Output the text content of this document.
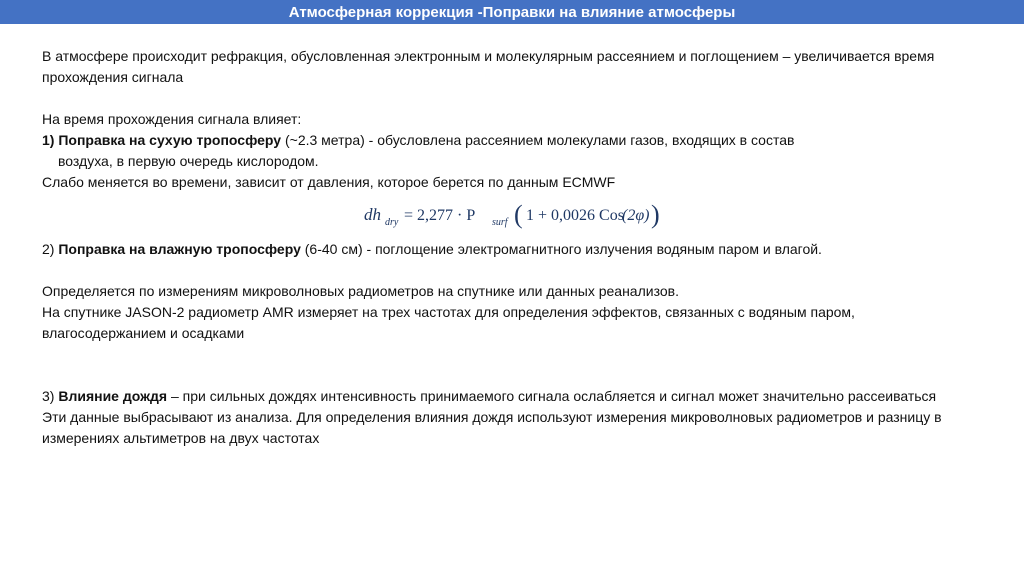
Атмосферная коррекция -Поправки на влияние атмосферы

В атмосфере происходит рефракция, обусловленная электронным и молекулярным рассеянием и поглощением – увеличивается время прохождения сигнала

На время прохождения сигнала влияет:

1) Поправка на сухую тропосферу (~2.3 метра) - обусловлена рассеянием молекулами газов, входящих в состав

воздуха, в первую очередь кислородом.

Слабо меняется во времени, зависит от давления, которое берется по данным ECMWF

dh dry = 2,277 · P surf ( 1 + 0,0026 Cos
(2φ) )

2) Поправка на влажную тропосферу (6-40 см) - поглощение электромагнитного излучения водяным паром и влагой.

Определяется по измерениям микроволновых радиометров на спутнике или данных реанализов.

На спутнике JASON-2 радиометр AMR измеряет на трех частотах для определения эффектов, связанных с водяным паром, влагосодержанием и осадками

3) Влияние дождя – при сильных дождях интенсивность принимаемого сигнала ослабляется и сигнал может значительно рассеиваться

Эти данные выбрасывают из анализа. Для определения влияния дождя используют измерения микроволновых радиометров и разницу в измерениях альтиметров на двух частотах
